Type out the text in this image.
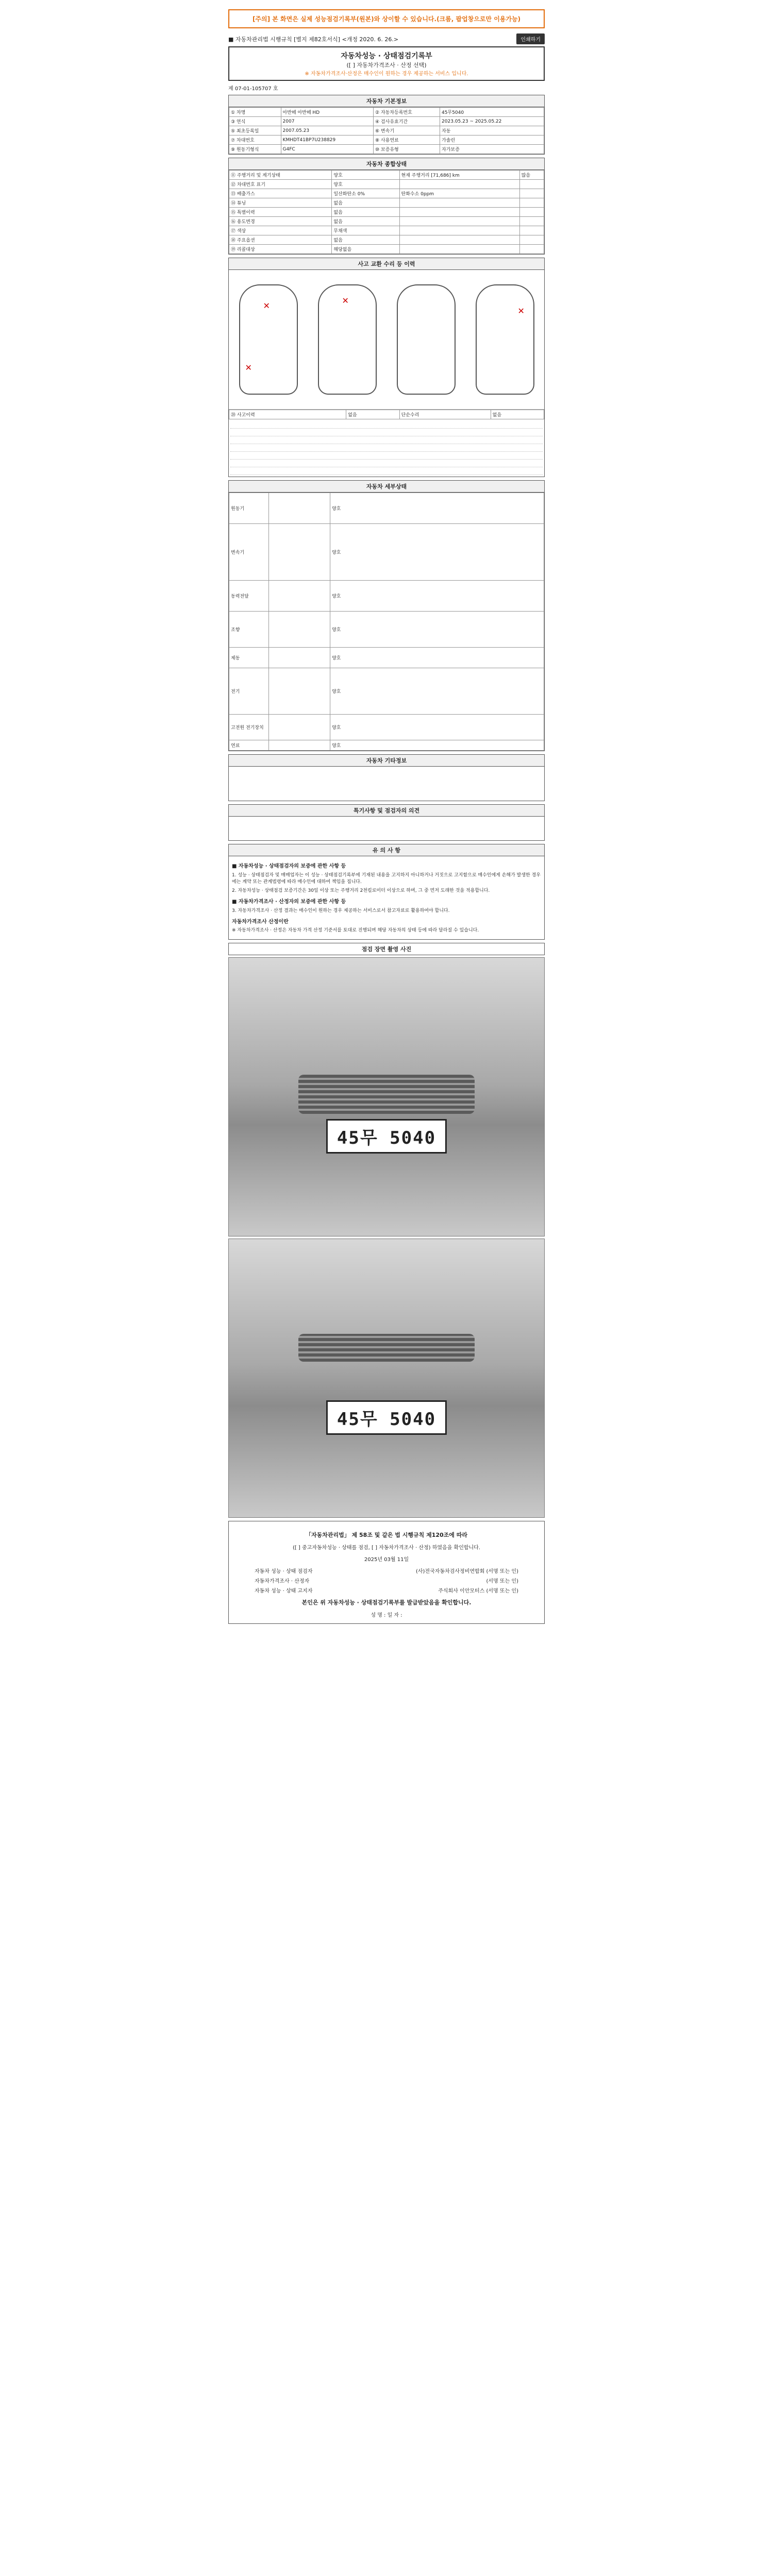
[주의] 본 화면은 실제 성능점검기록부(원본)와 상이할 수 있습니다.(크롬, 팝업창으로만 이용가능)
■ 자동차관리법 시행규칙 [별지 제82호서식] <개정 2020. 6. 26.>	인쇄하기
자동차성능 · 상태점검기록부
([ ] 자동차가격조사 · 산정 선택)
※ 자동차가격조사·산정은 매수인이 원하는 경우 제공하는 서비스 입니다.
제 07-01-105707 호
자동차 기본정보
① 차명	아반떼 아반떼 HD	② 자동차등록번호	45무5040
③ 연식	2007	④ 검사유효기간	2023.05.23 ~ 2025.05.22
⑤ 최초등록일	2007.05.23	⑥ 변속기	자동
⑦ 차대번호	KMHDT41BP7U238829	⑧ 사용연료	가솔린
⑨ 원동기형식	G4FC	⑩ 보증유형	자가보증
자동차 종합상태
⑪ 주행거리 및 계기상태	양호	현재 주행거리 [71,686] km	많음
⑫ 차대번호 표기	양호		
⑬ 배출가스	일산화탄소 0%	탄화수소 0ppm	
⑭ 튜닝	없음		
⑮ 특별이력	없음		
⑯ 용도변경	없음		
⑰ 색상	무채색		
⑱ 주요옵션	없음		
⑲ 리콜대상	해당없음		
사고 교환 수리 등 이력
✕
✕
✕
✕
⑳ 사고이력	없음	단순수리	없음
자동차 세부상태
원동기		양호
변속기		양호
동력전달		양호
조향		양호
제동		양호
전기		양호
고전원 전기장치		양호
연료		양호
자동차 기타정보
특기사항 및 점검자의 의견
유 의 사 항
■ 자동차성능 · 상태점검자의 보증에 관한 사항 등

1. 성능 · 상태점검자 및 매매업자는 이 성능 · 상태점검기록부에 기재된 내용을 고지하지 아니하거나 거짓으로 고지함으로 매수인에게 손해가 발생한 경우에는 계약 또는 관계법령에 따라 매수인에 대하여 책임을 집니다.

2. 자동차성능 · 상태점검 보증기간은 30일 이상 또는 주행거리 2천킬로미터 이상으로 하며, 그 중 먼저 도래한 것을 적용합니다.

■ 자동차가격조사 · 산정자의 보증에 관한 사항 등

3. 자동차가격조사 · 산정 결과는 매수인이 원하는 경우 제공하는 서비스로서 참고자료로 활용하여야 합니다.

자동차가격조사 산정이란

※ 자동차가격조사 · 산정은 자동차 가격 산정 기준서를 토대로 진행되며 해당 자동차의 상태 등에 따라 달라질 수 있습니다.

점검 장면 촬영 사진
45무 5040
45무 5040
「자동차관리법」 제 58조 및 같은 법 시행규칙 제120조에 따라
([ ] 중고자동차성능 · 상태를 점검, [ ] 자동차가격조사 · 산정) 하였음을 확인합니다.
2025년 03월 11일
자동차 성능 · 상태 점검자	(사)전국자동차검사정비연합회 (서명 또는 인)
자동차가격조사 · 산정자	(서명 또는 인)
자동차 성능 · 상태 고지자	주식회사 이안모터스 (서명 또는 인)
본인은 위 자동차성능 · 상태점검기록부를 발급받았음을 확인합니다.
성 명 : 일 자 :
